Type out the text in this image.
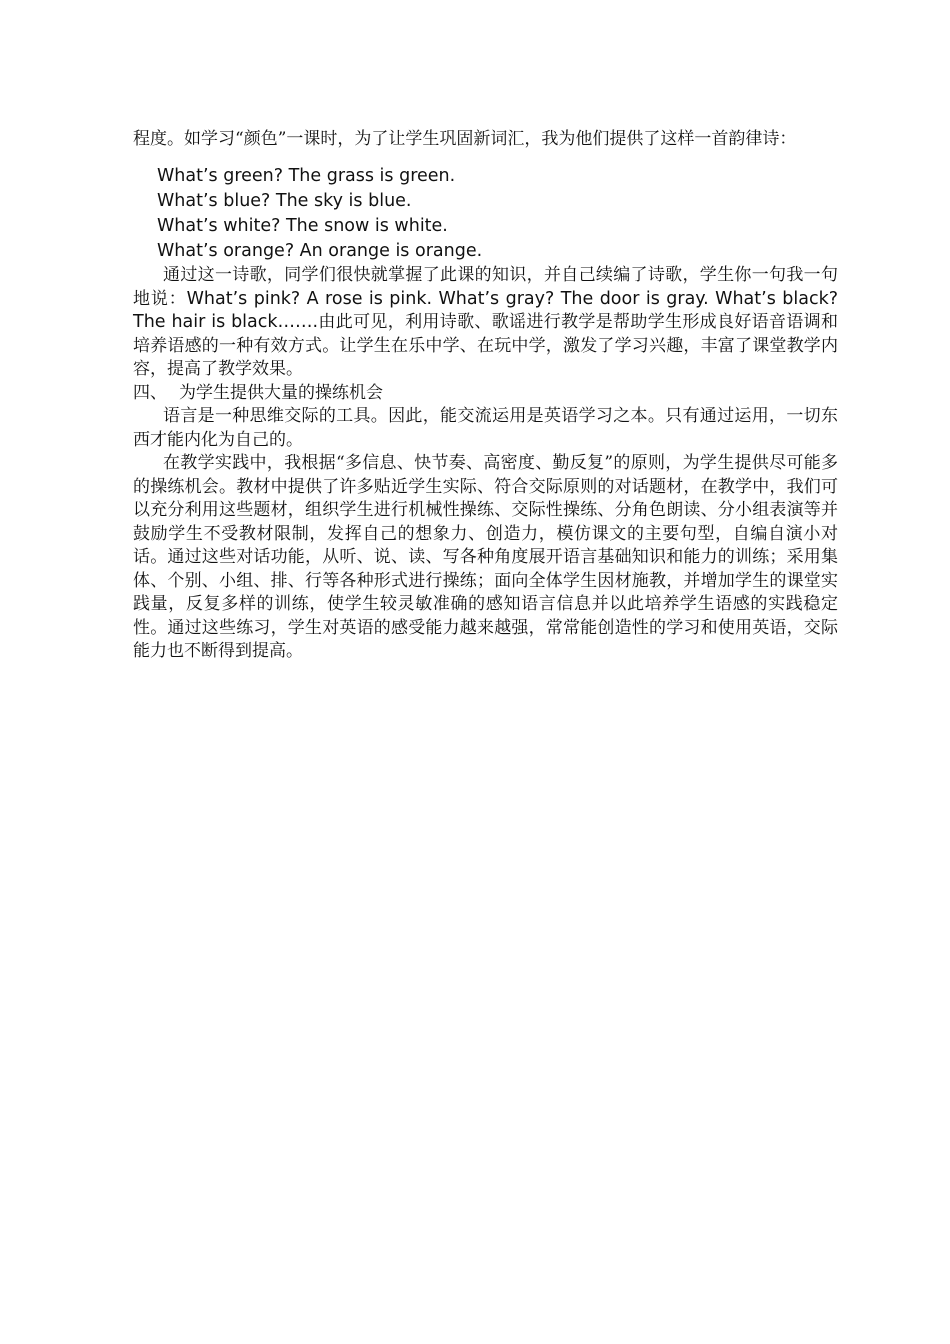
程度。如学习“颜色”一课时，为了让学生巩固新词汇，我为他们提供了这样一首韵律诗：

What’s green? The grass is green.
What’s blue? The sky is blue.
What’s white? The snow is white.
What’s orange? An orange is orange.

通过这一诗歌，同学们很快就掌握了此课的知识，并自己续编了诗歌，学生你一句我一句地说：What’s pink? A rose is pink. What’s gray? The door is gray. What’s black? The hair is black…….由此可见，利用诗歌、歌谣进行教学是帮助学生形成良好语音语调和培养语感的一种有效方式。让学生在乐中学、在玩中学，激发了学习兴趣，丰富了课堂教学内容，提高了教学效果。

四、 为学生提供大量的操练机会

语言是一种思维交际的工具。因此，能交流运用是英语学习之本。只有通过运用，一切东西才能内化为自己的。

在教学实践中，我根据“多信息、快节奏、高密度、勤反复”的原则，为学生提供尽可能多的操练机会。教材中提供了许多贴近学生实际、符合交际原则的对话题材，在教学中，我们可以充分利用这些题材，组织学生进行机械性操练、交际性操练、分角色朗读、分小组表演等并鼓励学生不受教材限制，发挥自己的想象力、创造力，模仿课文的主要句型，自编自演小对话。通过这些对话功能，从听、说、读、写各种角度展开语言基础知识和能力的训练；采用集体、个别、小组、排、行等各种形式进行操练；面向全体学生因材施教，并增加学生的课堂实践量，反复多样的训练，使学生较灵敏准确的感知语言信息并以此培养学生语感的实践稳定性。通过这些练习，学生对英语的感受能力越来越强，常常能创造性的学习和使用英语，交际能力也不断得到提高。
